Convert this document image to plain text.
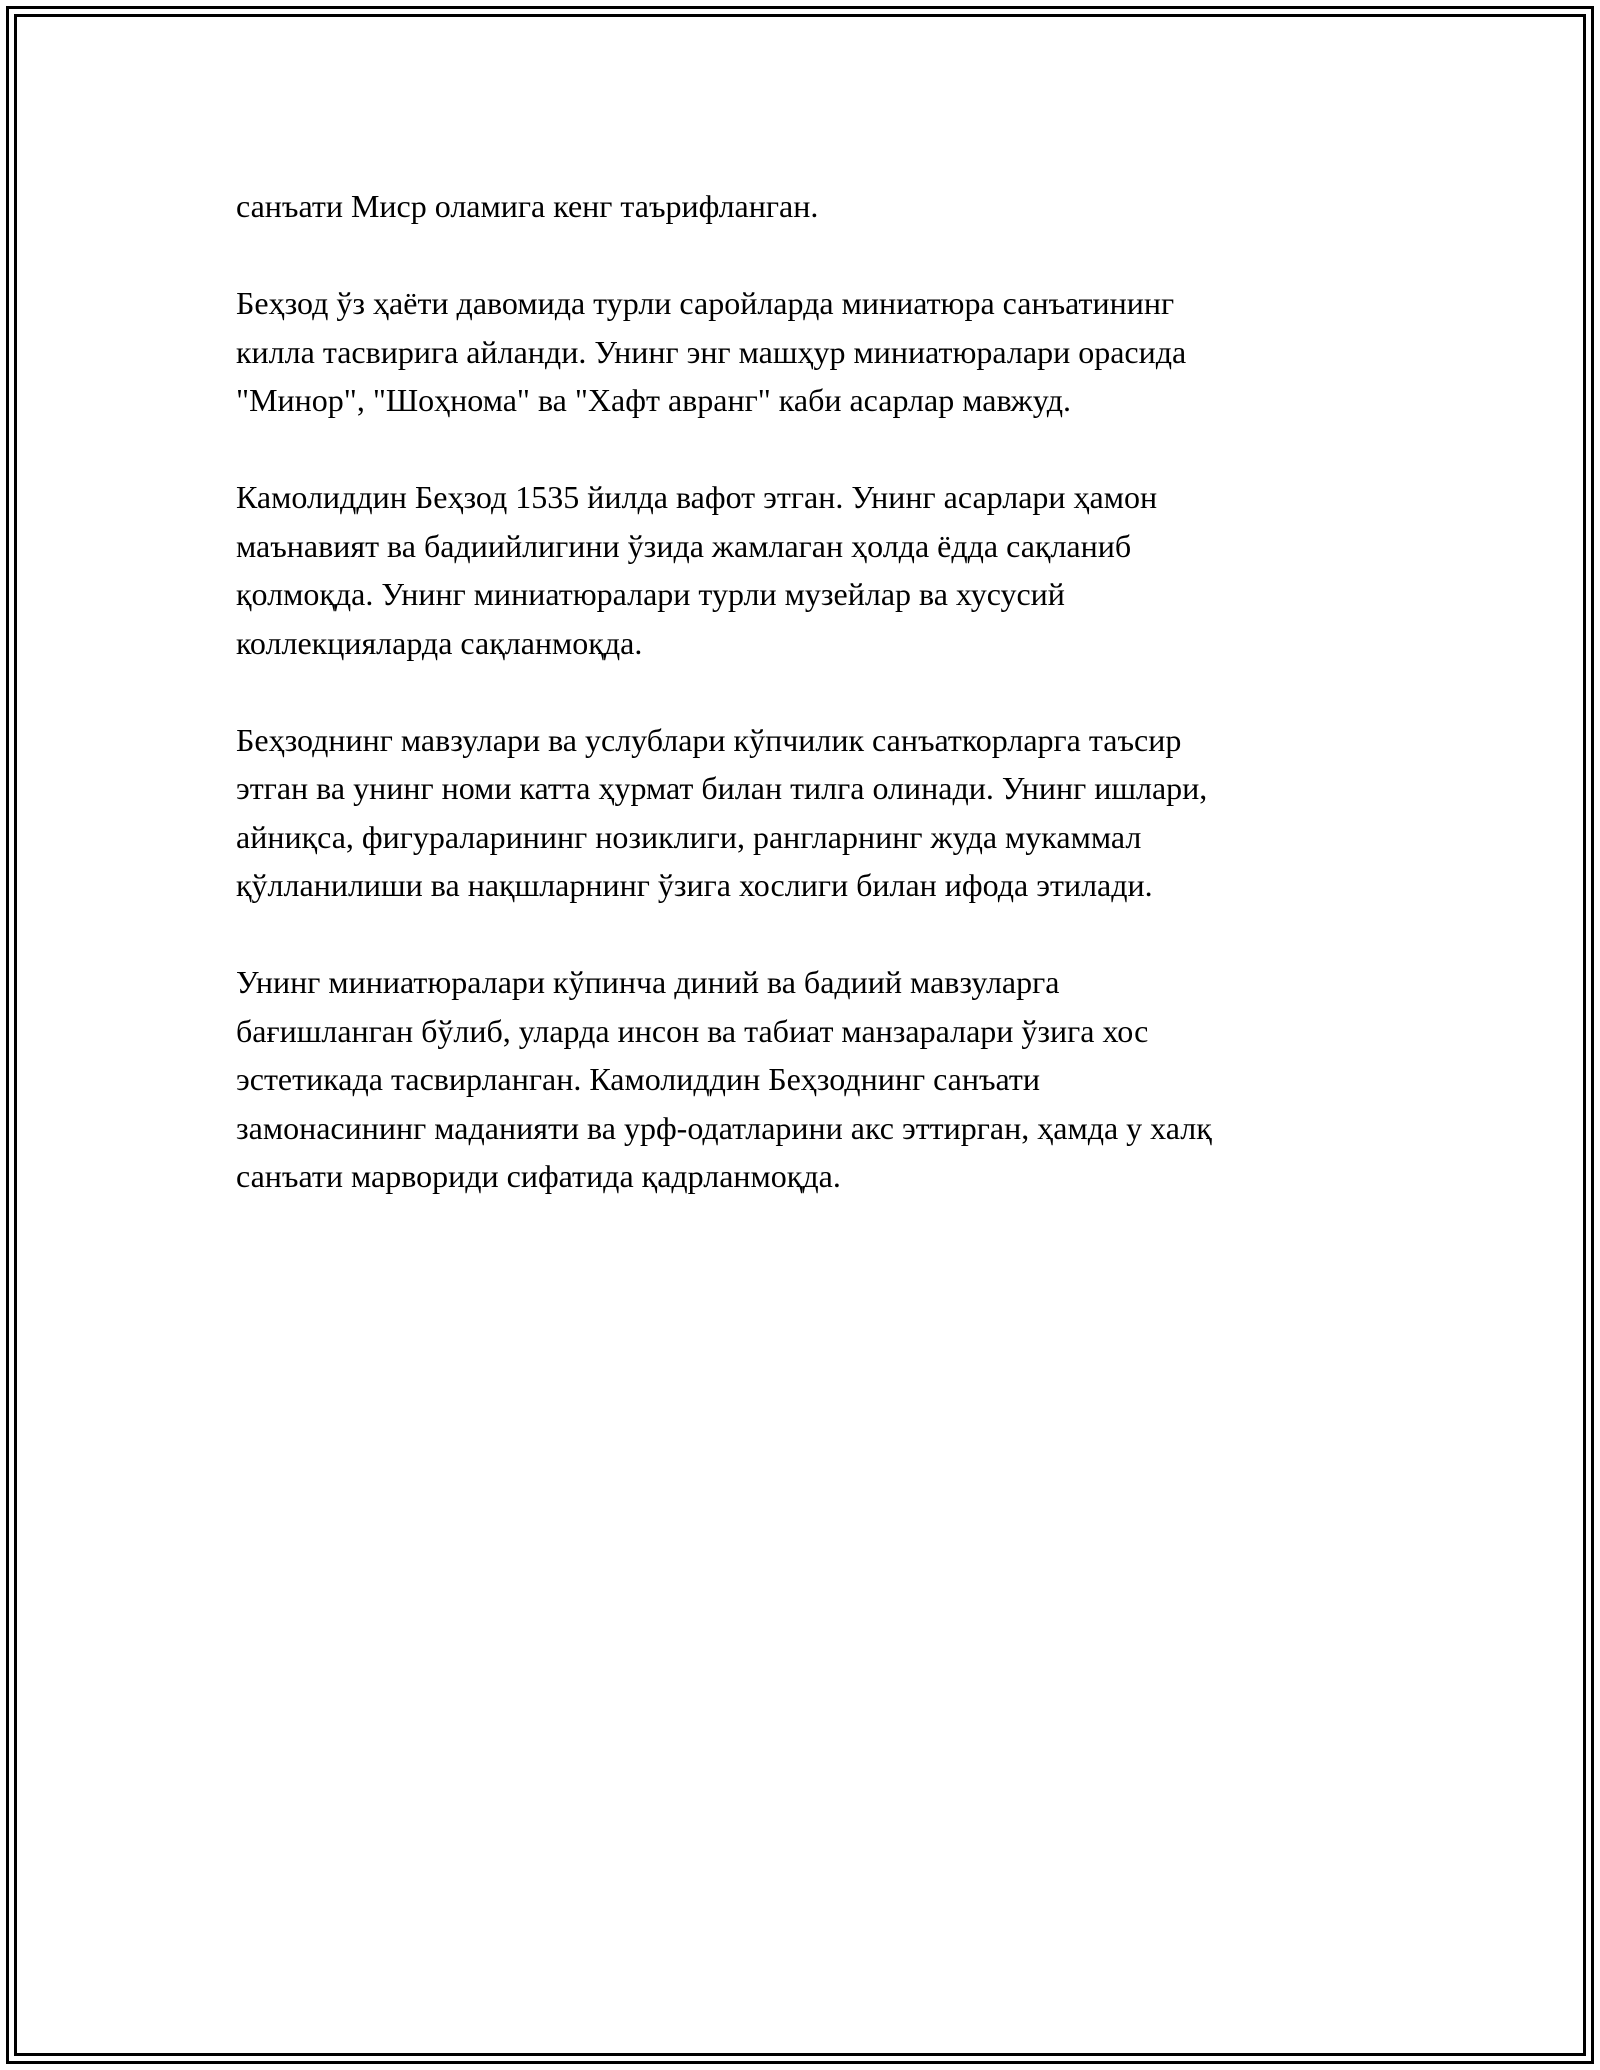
санъати Миср оламига кенг таърифланган.

Беҳзод ўз ҳаёти давомида турли саройларда миниатюра санъатининг
килла тасвирига айланди. Унинг энг машҳур миниатюралари орасида
"Минор", "Шоҳнома" ва "Хафт авранг" каби асарлар мавжуд.

Камолиддин Беҳзод 1535 йилда вафот этган. Унинг асарлари ҳамон
маънавият ва бадиийлигини ўзида жамлаган ҳолда ёдда сақланиб
қолмоқда. Унинг миниатюралари турли музейлар ва хусусий
коллекцияларда сақланмоқда.

Беҳзоднинг мавзулари ва услублари кўпчилик санъаткорларга таъсир
этган ва унинг номи катта ҳурмат билан тилга олинади. Унинг ишлари,
айниқса, фигураларининг нозиклиги, рангларнинг жуда мукаммал
қўлланилиши ва нақшларнинг ўзига хослиги билан ифода этилади.

Унинг миниатюралари кўпинча диний ва бадиий мавзуларга
бағишланган бўлиб, уларда инсон ва табиат манзаралари ўзига хос
эстетикада тасвирланган. Камолиддин Беҳзоднинг санъати
замонасининг маданияти ва урф-одатларини акс эттирган, ҳамда у халқ
санъати марвориди сифатида қадрланмоқда.
